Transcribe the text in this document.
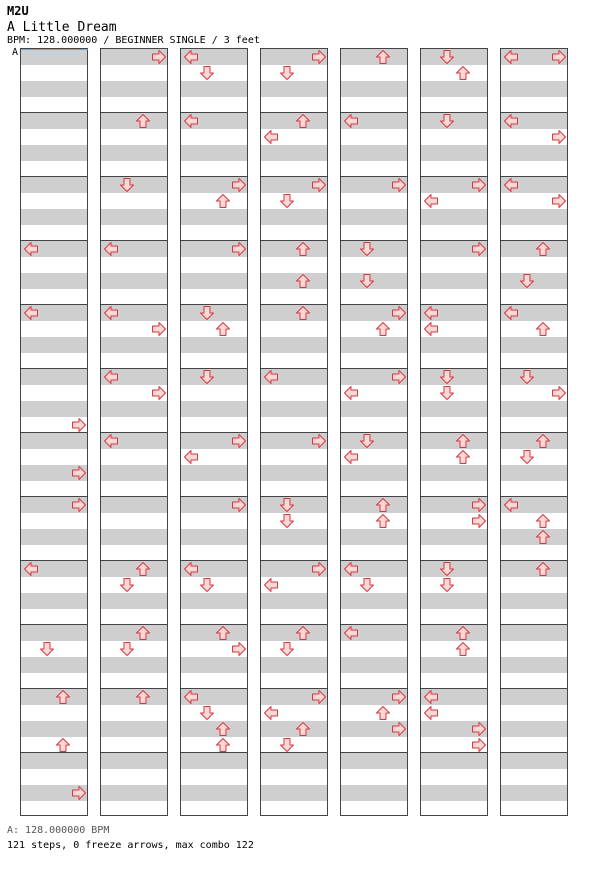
M2U
A Little Dream
BPM: 128.000000 / BEGINNER SINGLE / 3 feet
A
A: 128.000000 BPM
121 steps, 0 freeze arrows, max combo 122
